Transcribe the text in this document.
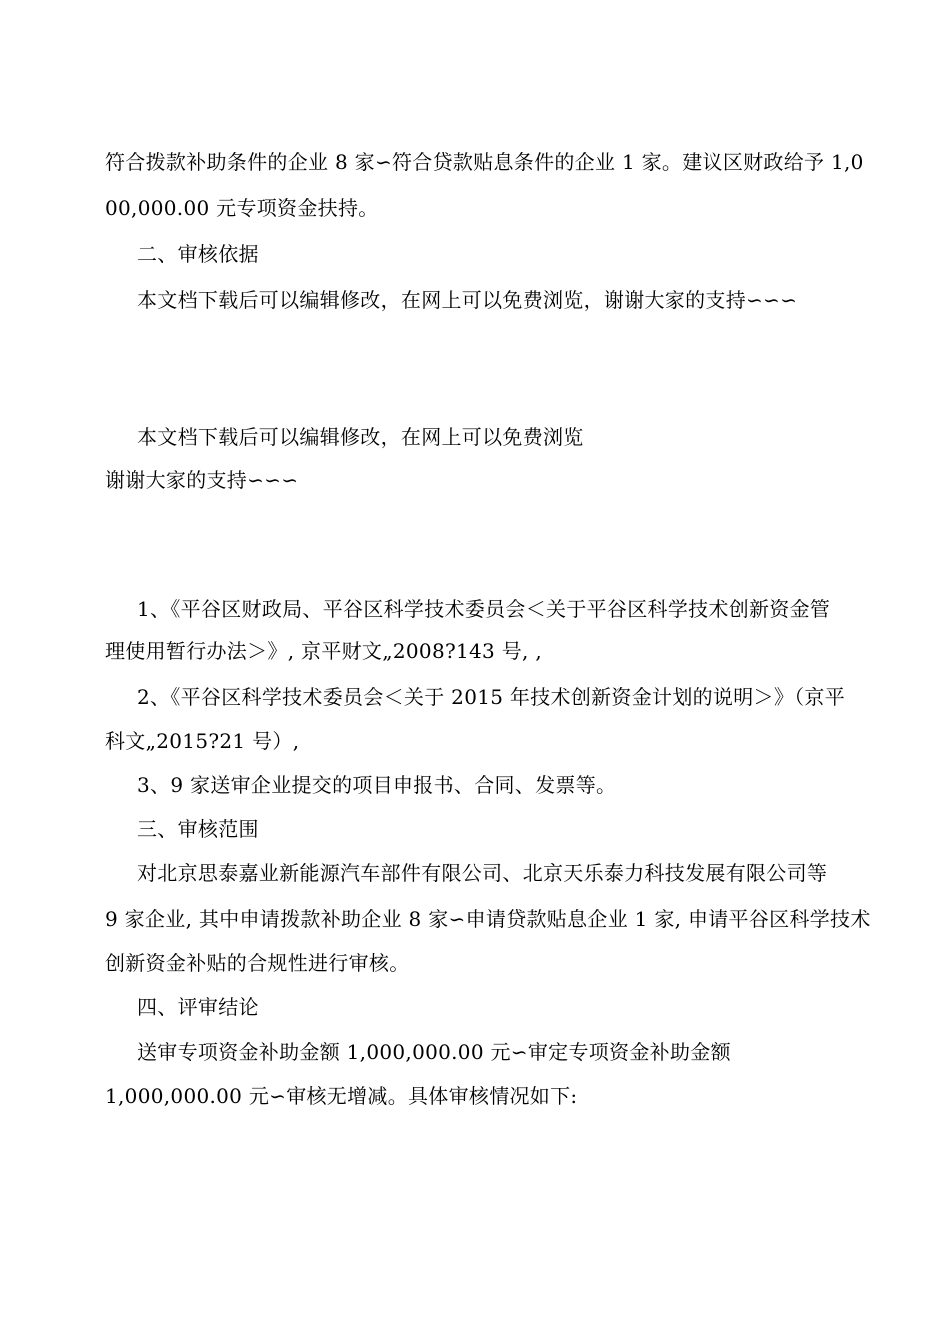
符合拨款补助条件的企业 8 家∽符合贷款贴息条件的企业 1 家。建议区财政给予 1,0
00,000.00 元专项资金扶持。
二、审核依据
本文档下载后可以编辑修改，在网上可以免费浏览，谢谢大家的支持∽∽∽
本文档下载后可以编辑修改，在网上可以免费浏览
谢谢大家的支持∽∽∽
1、《平谷区财政局、平谷区科学技术委员会＜关于平谷区科学技术创新资金管
理使用暂行办法＞》, 京平财文„2008?143 号, ,
2、《平谷区科学技术委员会＜关于 2015 年技术创新资金计划的说明＞》（京平
科文„2015?21 号）,
3、9 家送审企业提交的项目申报书、合同、发票等。
三、审核范围
对北京思泰嘉业新能源汽车部件有限公司、北京天乐泰力科技发展有限公司等
9 家企业, 其中申请拨款补助企业 8 家∽申请贷款贴息企业 1 家, 申请平谷区科学技术
创新资金补贴的合规性进行审核。
四、评审结论
送审专项资金补助金额 1,000,000.00 元∽审定专项资金补助金额
1,000,000.00 元∽审核无增减。具体审核情况如下:
